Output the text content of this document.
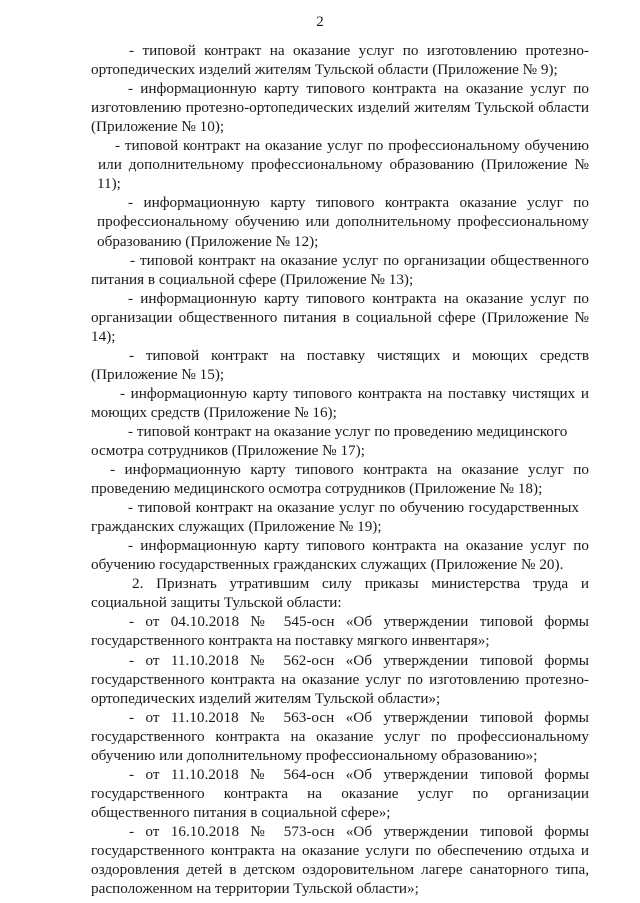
2
- типовой контракт на оказание услуг по изготовлению протезно-
ортопедических изделий жителям Тульской области (Приложение № 9);
- информационную карту типового контракта на оказание услуг по
изготовлению протезно-ортопедических изделий жителям Тульской области
(Приложение № 10);
- типовой контракт на оказание услуг по профессиональному обучению
или дополнительному профессиональному образованию (Приложение №
11);
- информационную карту типового контракта оказание услуг по
профессиональному обучению или дополнительному профессиональному
образованию (Приложение № 12);
- типовой контракт на оказание услуг по организации общественного
питания в социальной сфере (Приложение № 13);
- информационную карту типового контракта на оказание услуг по
организации общественного питания в социальной сфере (Приложение №
14);
- типовой контракт на поставку чистящих и моющих средств
(Приложение № 15);
- информационную карту типового контракта на поставку чистящих и
моющих средств (Приложение № 16);
- типовой контракт на оказание услуг по проведению медицинского
осмотра сотрудников (Приложение № 17);
- информационную карту типового контракта на оказание услуг по
проведению медицинского осмотра сотрудников (Приложение № 18);
- типовой контракт на оказание услуг по обучению государственных
гражданских служащих (Приложение № 19);
- информационную карту типового контракта на оказание услуг по
обучению государственных гражданских служащих (Приложение № 20).
2. Признать утратившим силу приказы министерства труда и
социальной защиты Тульской области:
- от 04.10.2018 № 545-осн «Об утверждении типовой формы
государственного контракта на поставку мягкого инвентаря»;
- от 11.10.2018 № 562-осн «Об утверждении типовой формы
государственного контракта на оказание услуг по изготовлению протезно-
ортопедических изделий жителям Тульской области»;
- от 11.10.2018 № 563-осн «Об утверждении типовой формы
государственного контракта на оказание услуг по профессиональному
обучению или дополнительному профессиональному образованию»;
- от 11.10.2018 № 564-осн «Об утверждении типовой формы
государственного контракта на оказание услуг по организации
общественного питания в социальной сфере»;
- от 16.10.2018 № 573-осн «Об утверждении типовой формы
государственного контракта на оказание услуги по обеспечению отдыха и
оздоровления детей в детском оздоровительном лагере санаторного типа,
расположенном на территории Тульской области»;
